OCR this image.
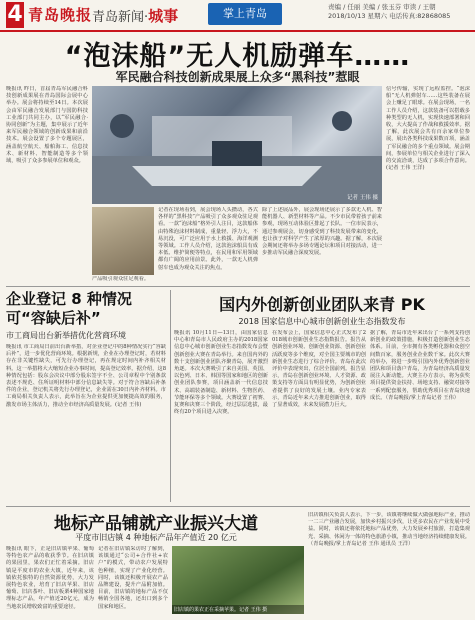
4 青岛晚报 青岛新闻·城事	掌上青岛	责编 / 任丽 美编 / 张玉芬 审读 / 王朝
2018/10/13 星期六 电话传真:82868085
“泡沫船”无人机励弹车……
军民融合科技创新成果展上众多“黑科技”惹眼
晚报讯 昨日，首届青岛军民融合科技创新成果展在青岛国际会展中心举办。展会将持续至14日。本次展会由军民融合发展部门与国防科技工业部门共同主办，以“军民融合·协同创新”为主题，集中展示了近年来军民融合领域的创新成果和前沿技术。展会设置了多个专题展区，涵盖航空航天、船舶海工、信息技术、新材料、智能制造等多个领域，吸引了众多参展单位和观众。
记者 王伟 摄
信号传输，实现了远程监控。“泡沫船”无人机弹射车……这些装备在展会上赚足了眼球。在展会现场，一名工作人员介绍，这款装备可以搭载多种类型的无人机，实现快速部署和回收，大大提高了作战和救援效率。据了解，此次展会共有百余家单位参展，展出各类科技成果数百项，涵盖了军民融合的多个重点领域。展会期间，参展单位与相关企业进行了深入的交流洽谈，达成了多项合作意向。(记者 王伟 王洋)
记者在现场看到，展会现场人头攒动，各式各样的“黑科技”产品吸引了众多观众驻足观看。一款“泡沫船”格外引人注目，这款船体由特殊泡沫材料制成，重量轻、浮力大，不易沉没，可广泛应用于水上救援、海洋观测等领域。工作人员介绍，这款泡沫船具有成本低、维护简便等特点，在民用和军用领域都有广阔的应用前景。此外，一款无人机弹射车也成为观众关注的焦点。
除了上述展品外，展会现场还展示了多款无人机、智能机器人、新型材料等产品。不少市民带着孩子前来参观，现场互动体验区排起了长队。一位市民表示，通过参观展会，切身感受到了科技发展带来的变化，也让孩子对科学产生了浓厚的兴趣。据了解，本次展会期间还将举办多场专题论坛和项目对接活动，进一步推动军民融合深度发展。
产品吸引观众驻足观看。
企业登记 8 种情况可“容缺后补”
市工商局出台新举措优化营商环境
晚报讯 市工商局日前出台新举措，对企业登记中的8种情况实行“容缺后补”，进一步优化营商环境。根据新规，企业在办理登记时，若材料存在非关键性缺失，可先行办理登记，再在规定时间内补齐相关材料。这一举措将大大缩短企业办事时间，提高登记效率。据介绍，这8种情况包括：股东会决议中部分股东签字不全、公司章程中个别条款表述不规范、住所证明材料中部分信息缺失等。对于符合容缺后补条件的企业，登记机关将先行办理登记，企业需在30日内补齐材料。市工商局相关负责人表示，此举旨在为企业提供更加便捷高效的服务，激发市场主体活力，推动全市经济高质量发展。(记者 王伟)
国内外创新创业团队来青 PK
2018 国家信息中心城市创新创业生态指数发布
晚报讯 10月11日—13日，由国家信息中心和青岛市人民政府主办的2018国家信息中心城市创新创业生态指数发布会暨创新创业大赛在青岛举行。来自国内外的数十支创新创业团队齐聚青岛，展开激烈角逐。本次大赛吸引了来自美国、英国、以色列、日本、韩国等国家和地区的创新创业团队参赛，项目涵盖新一代信息技术、高端装备制造、新材料、生物医药、节能环保等多个领域。大赛设置了初赛、复赛和决赛三个阶段，经过层层选拔，最终有20个项目进入决赛。
在发布会上，国家信息中心正式发布了2018城市创新创业生态指数报告。报告从创新创业环境、创新创业资源、创新创业活跃度等多个维度，对全国主要城市的创新创业生态进行了综合评价。青岛在此次评价中表现突出，位居全国前列。报告显示，青岛在创新创业环境、人才资源、政策支持等方面具有明显优势，为创新创业者提供了良好的发展土壤。业内专家表示，青岛近年来大力推进创新创业，取得了显著成效，未来发展潜力巨大。
据了解，青岛市近年来出台了一系列支持创新创业的政策措施，积极打造创新创业生态体系。目前，全市拥有各类孵化器和众创空间数百家，服务创业企业数千家。此次大赛的举办，将进一步吸引国内外优秀创新创业团队和项目落户青岛，为青岛经济高质量发展注入新动能。大赛主办方表示，将为获奖项目提供资金扶持、场地支持、融资对接等一系列配套服务，帮助优秀项目在青岛快速成长。（青岛晚报/掌上青岛记者 王伟）
地标产品铺就产业振兴大道
平度市旧店镇 4 种地标产品年产值近 20 亿元
晚报讯 眼下，正是旧店镇苹果、葡萄等特色农产品的收获季节。在旧店镇的果园里，果农们正忙着采摘。旧店镇是平度市的农业大镇，近年来，该镇依托独特的自然资源优势，大力发展特色农业，培育了旧店苹果、旧店葡萄、旧店茶叶、旧店板栗4种国家地理标志产品，年产值近20亿元，成为当地农民增收致富的重要途径。
记者在旧店镇采访时了解到，该镇通过“公司+合作社+农户”的模式，带动农户发展特色种植，实现了产业化经营。同时，该镇还积极开展农产品品牌建设，提升产品附加值。目前，旧店镇的地标产品不仅畅销全国各地，还出口到多个国家和地区。
旧店镇的果农正在采摘苹果。记者 王伟 摄
旧店镇相关负责人表示，下一步，该镇将继续做大做强地标产业，推动一二三产业融合发展，加快乡村振兴步伐，让更多农民在产业发展中受益。同时，该镇还将依托地标产品优势，大力发展乡村旅游，打造集观光、采摘、休闲为一体的特色旅游小镇，推动当地经济持续健康发展。（青岛晚报/掌上青岛记者 王伟 通讯员 王洋）
